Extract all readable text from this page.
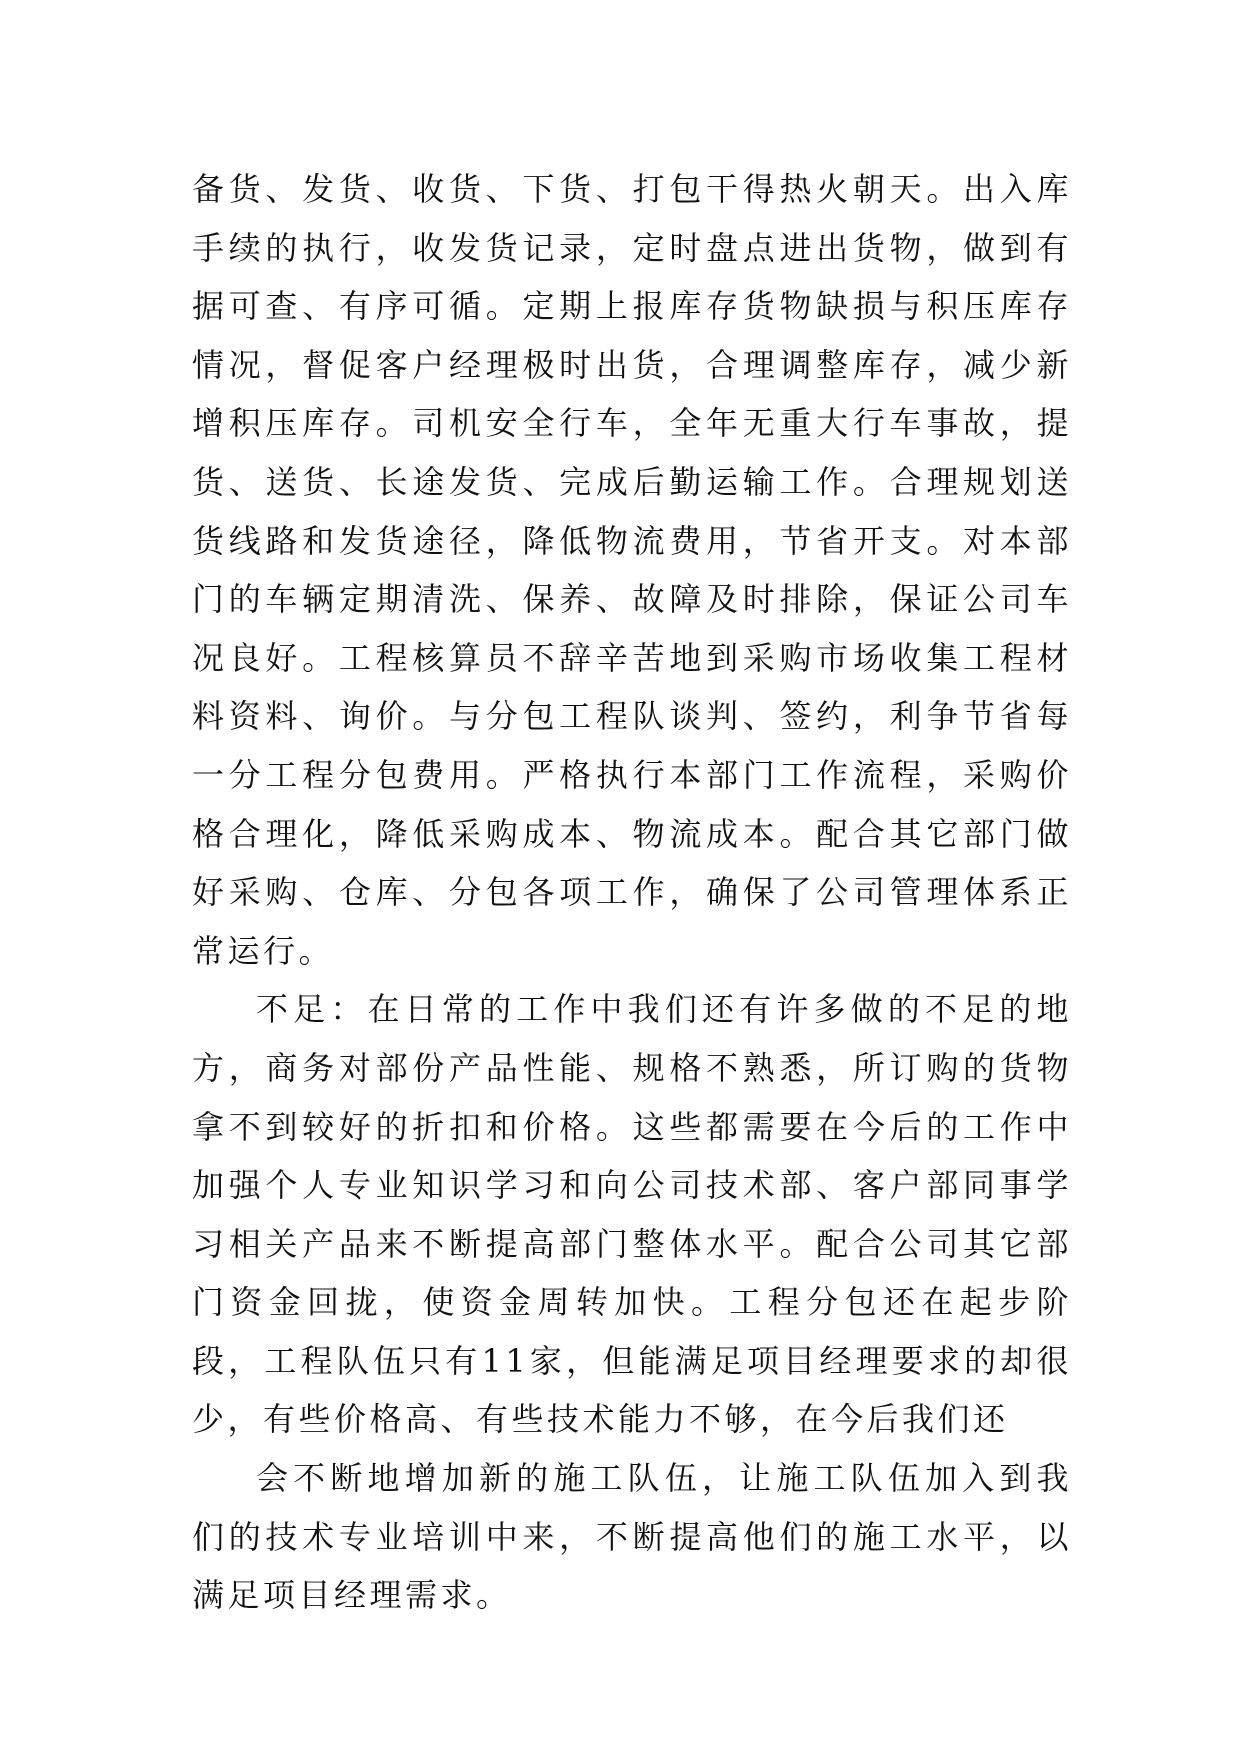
备货、发货、收货、下货、打包干得热火朝天。出入库手续的执行，收发货记录，定时盘点进出货物，做到有据可查、有序可循。定期上报库存货物缺损与积压库存情况，督促客户经理极时出货，合理调整库存，减少新增积压库存。司机安全行车，全年无重大行车事故，提货、送货、长途发货、完成后勤运输工作。合理规划送货线路和发货途径，降低物流费用，节省开支。对本部门的车辆定期清洗、保养、故障及时排除，保证公司车况良好。工程核算员不辞辛苦地到采购市场收集工程材料资料、询价。与分包工程队谈判、签约，利争节省每一分工程分包费用。严格执行本部门工作流程，采购价格合理化，降低采购成本、物流成本。配合其它部门做好采购、仓库、分包各项工作，确保了公司管理体系正常运行。

不足：在日常的工作中我们还有许多做的不足的地方，商务对部份产品性能、规格不熟悉，所订购的货物拿不到较好的折扣和价格。这些都需要在今后的工作中加强个人专业知识学习和向公司技术部、客户部同事学习相关产品来不断提高部门整体水平。配合公司其它部门资金回拢，使资金周转加快。工程分包还在起步阶段，工程队伍只有11家，但能满足项目经理要求的却很少，有些价格高、有些技术能力不够，在今后我们还

会不断地增加新的施工队伍，让施工队伍加入到我们的技术专业培训中来，不断提高他们的施工水平，以满足项目经理需求。
